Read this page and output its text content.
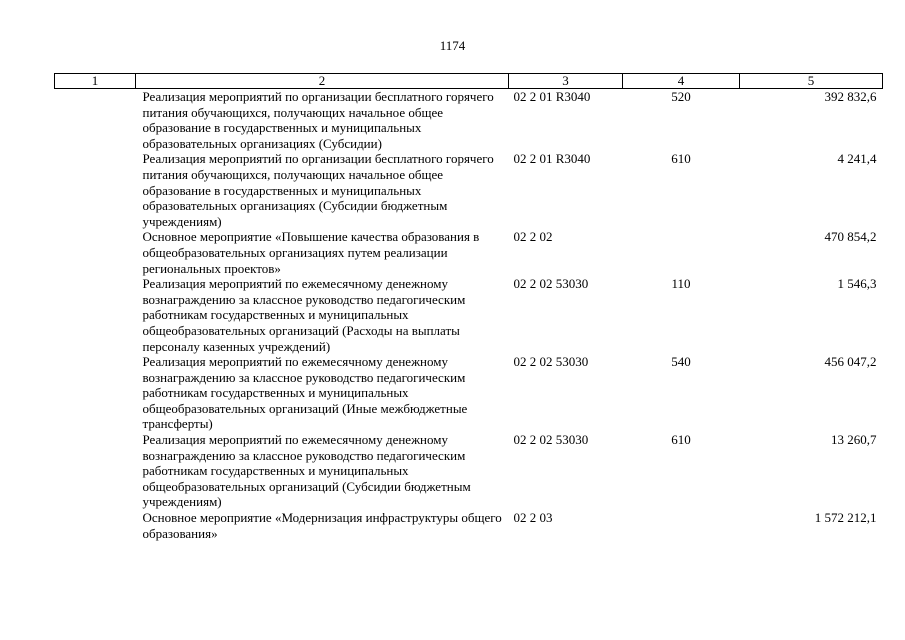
1174
1	2	3	4	5
	Реализация мероприятий по организации бесплатного горячего питания обучающихся, получающих начальное общее образование в государственных и муниципальных образовательных организациях (Субсидии)	02 2 01 R3040	520	392 832,6
	Реализация мероприятий по организации бесплатного горячего питания обучающихся, получающих начальное общее образование в государственных и муниципальных образовательных организациях (Субсидии бюджетным учреждениям)	02 2 01 R3040	610	4 241,4
	Основное мероприятие «Повышение качества образования в общеобразовательных организациях путем реализации региональных проектов»	02 2 02		470 854,2
	Реализация мероприятий по ежемесячному денежному вознаграждению за классное руководство педагогическим работникам государственных и муниципальных общеобразовательных организаций (Расходы на выплаты персоналу казенных учреждений)	02 2 02 53030	110	1 546,3
	Реализация мероприятий по ежемесячному денежному вознаграждению за классное руководство педагогическим работникам государственных и муниципальных общеобразовательных организаций (Иные межбюджетные трансферты)	02 2 02 53030	540	456 047,2
	Реализация мероприятий по ежемесячному денежному вознаграждению за классное руководство педагогическим работникам государственных и муниципальных общеобразовательных организаций (Субсидии бюджетным учреждениям)	02 2 02 53030	610	13 260,7
	Основное мероприятие «Модернизация инфраструктуры общего образования»	02 2 03		1 572 212,1
